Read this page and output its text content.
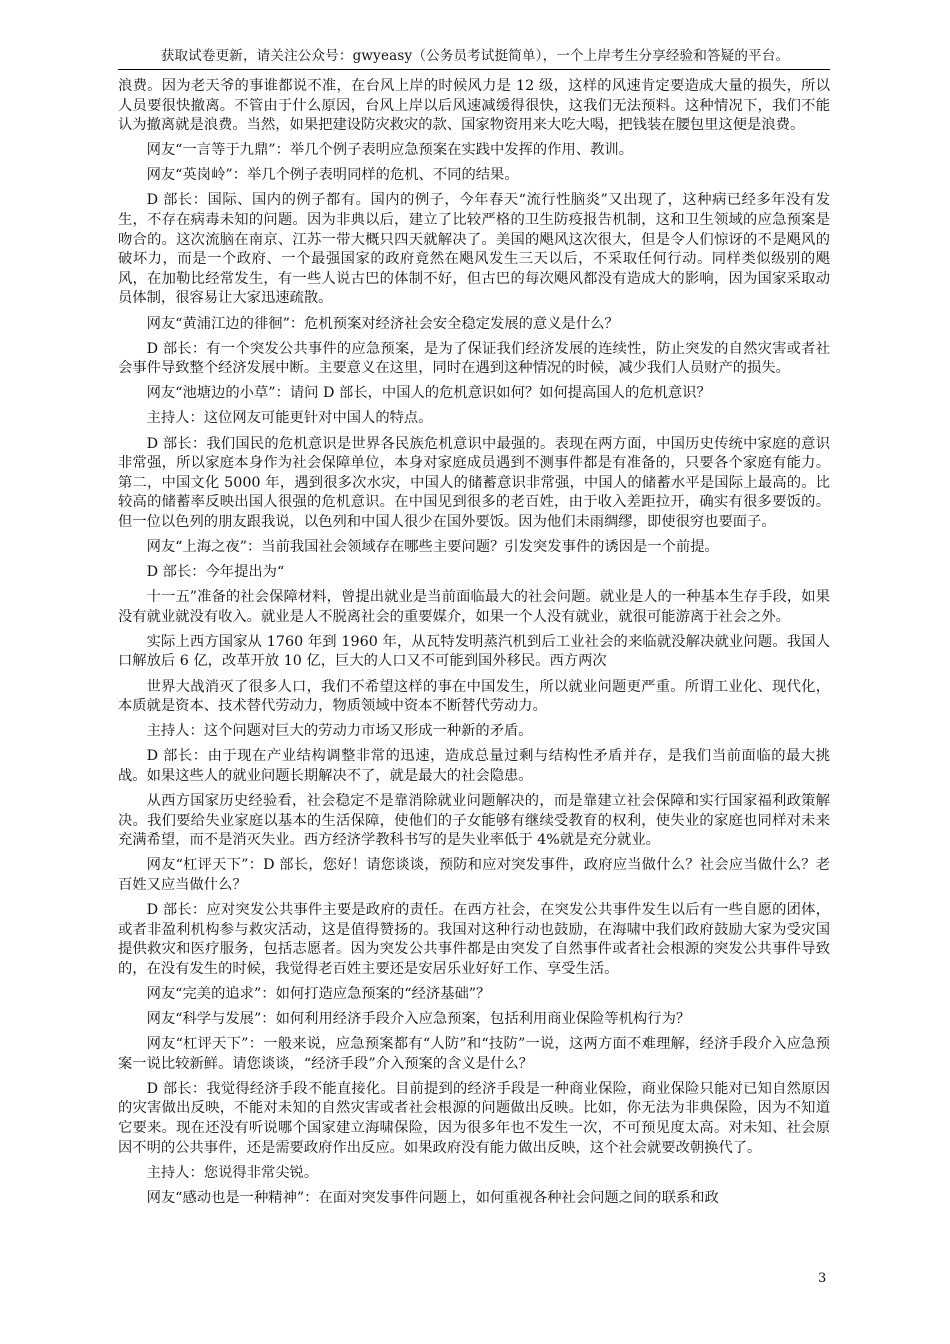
获取试卷更新，请关注公众号：gwyeasy（公务员考试挺简单），一个上岸考生分享经验和答疑的平台。

浪费。因为老天爷的事谁都说不准，在台风上岸的时候风力是 12 级，这样的风速肯定要造成大量的损失，所以人员要很快撤离。不管由于什么原因，台风上岸以后风速减缓得很快，这我们无法预料。这种情况下，我们不能认为撤离就是浪费。当然，如果把建设防灾救灾的款、国家物资用来大吃大喝，把钱装在腰包里这便是浪费。

网友“一言等于九鼎”：举几个例子表明应急预案在实践中发挥的作用、教训。

网友“英岗岭”：举几个例子表明同样的危机、不同的结果。

D 部长：国际、国内的例子都有。国内的例子，今年春天“流行性脑炎”又出现了，这种病已经多年没有发生，不存在病毒未知的问题。因为非典以后，建立了比较严格的卫生防疫报告机制，这和卫生领域的应急预案是吻合的。这次流脑在南京、江苏一带大概只四天就解决了。美国的飓风这次很大，但是令人们惊讶的不是飓风的破坏力，而是一个政府、一个最强国家的政府竟然在飓风发生三天以后，不采取任何行动。同样类似级别的飓风，在加勒比经常发生，有一些人说古巴的体制不好，但古巴的每次飓风都没有造成大的影响，因为国家采取动员体制，很容易让大家迅速疏散。

网友“黄浦江边的徘徊”：危机预案对经济社会安全稳定发展的意义是什么？

D 部长：有一个突发公共事件的应急预案，是为了保证我们经济发展的连续性，防止突发的自然灾害或者社会事件导致整个经济发展中断。主要意义在这里，同时在遇到这种情况的时候，减少我们人员财产的损失。

网友“池塘边的小草”：请问 D 部长，中国人的危机意识如何？如何提高国人的危机意识？

主持人：这位网友可能更针对中国人的特点。

D 部长：我们国民的危机意识是世界各民族危机意识中最强的。表现在两方面，中国历史传统中家庭的意识非常强，所以家庭本身作为社会保障单位，本身对家庭成员遇到不测事件都是有准备的，只要各个家庭有能力。第二，中国文化 5000 年，遇到很多次水灾，中国人的储蓄意识非常强，中国人的储蓄水平是国际上最高的。比较高的储蓄率反映出国人很强的危机意识。在中国见到很多的老百姓，由于收入差距拉开，确实有很多要饭的。但一位以色列的朋友跟我说，以色列和中国人很少在国外要饭。因为他们未雨绸缪，即使很穷也要面子。

网友“上海之夜”：当前我国社会领域存在哪些主要问题？引发突发事件的诱因是一个前提。

D 部长：今年提出为“

十一五”准备的社会保障材料，曾提出就业是当前面临最大的社会问题。就业是人的一种基本生存手段，如果没有就业就没有收入。就业是人不脱离社会的重要媒介，如果一个人没有就业，就很可能游离于社会之外。

实际上西方国家从 1760 年到 1960 年，从瓦特发明蒸汽机到后工业社会的来临就没解决就业问题。我国人口解放后 6 亿，改革开放 10 亿，巨大的人口又不可能到国外移民。西方两次

世界大战消灭了很多人口，我们不希望这样的事在中国发生，所以就业问题更严重。所谓工业化、现代化，本质就是资本、技术替代劳动力，物质领域中资本不断替代劳动力。

主持人：这个问题对巨大的劳动力市场又形成一种新的矛盾。

D 部长：由于现在产业结构调整非常的迅速，造成总量过剩与结构性矛盾并存，是我们当前面临的最大挑战。如果这些人的就业问题长期解决不了，就是最大的社会隐患。

从西方国家历史经验看，社会稳定不是靠消除就业问题解决的，而是靠建立社会保障和实行国家福利政策解决。我们要给失业家庭以基本的生活保障，使他们的子女能够有继续受教育的权利，使失业的家庭也同样对未来充满希望，而不是消灭失业。西方经济学教科书写的是失业率低于 4%就是充分就业。

网友“杠评天下”：D 部长，您好！请您谈谈，预防和应对突发事件，政府应当做什么？社会应当做什么？老百姓又应当做什么？

D 部长：应对突发公共事件主要是政府的责任。在西方社会，在突发公共事件发生以后有一些自愿的团体，或者非盈利机构参与救灾活动，这是值得赞扬的。我国对这种行动也鼓励，在海啸中我们政府鼓励大家为受灾国提供救灾和医疗服务，包括志愿者。因为突发公共事件都是由突发了自然事件或者社会根源的突发公共事件导致的，在没有发生的时候，我觉得老百姓主要还是安居乐业好好工作、享受生活。

网友“完美的追求”：如何打造应急预案的“经济基础”？

网友“科学与发展”：如何利用经济手段介入应急预案，包括利用商业保险等机构行为？

网友“杠评天下”：一般来说，应急预案都有“人防”和“技防”一说，这两方面不难理解，经济手段介入应急预案一说比较新鲜。请您谈谈，“经济手段”介入预案的含义是什么？

D 部长：我觉得经济手段不能直接化。目前提到的经济手段是一种商业保险，商业保险只能对已知自然原因的灾害做出反映，不能对未知的自然灾害或者社会根源的问题做出反映。比如，你无法为非典保险，因为不知道它要来。现在还没有听说哪个国家建立海啸保险，因为很多年也不发生一次，不可预见度太高。对未知、社会原因不明的公共事件，还是需要政府作出反应。如果政府没有能力做出反映，这个社会就要改朝换代了。

主持人：您说得非常尖锐。

网友“感动也是一种精神”：在面对突发事件问题上，如何重视各种社会问题之间的联系和政

3
